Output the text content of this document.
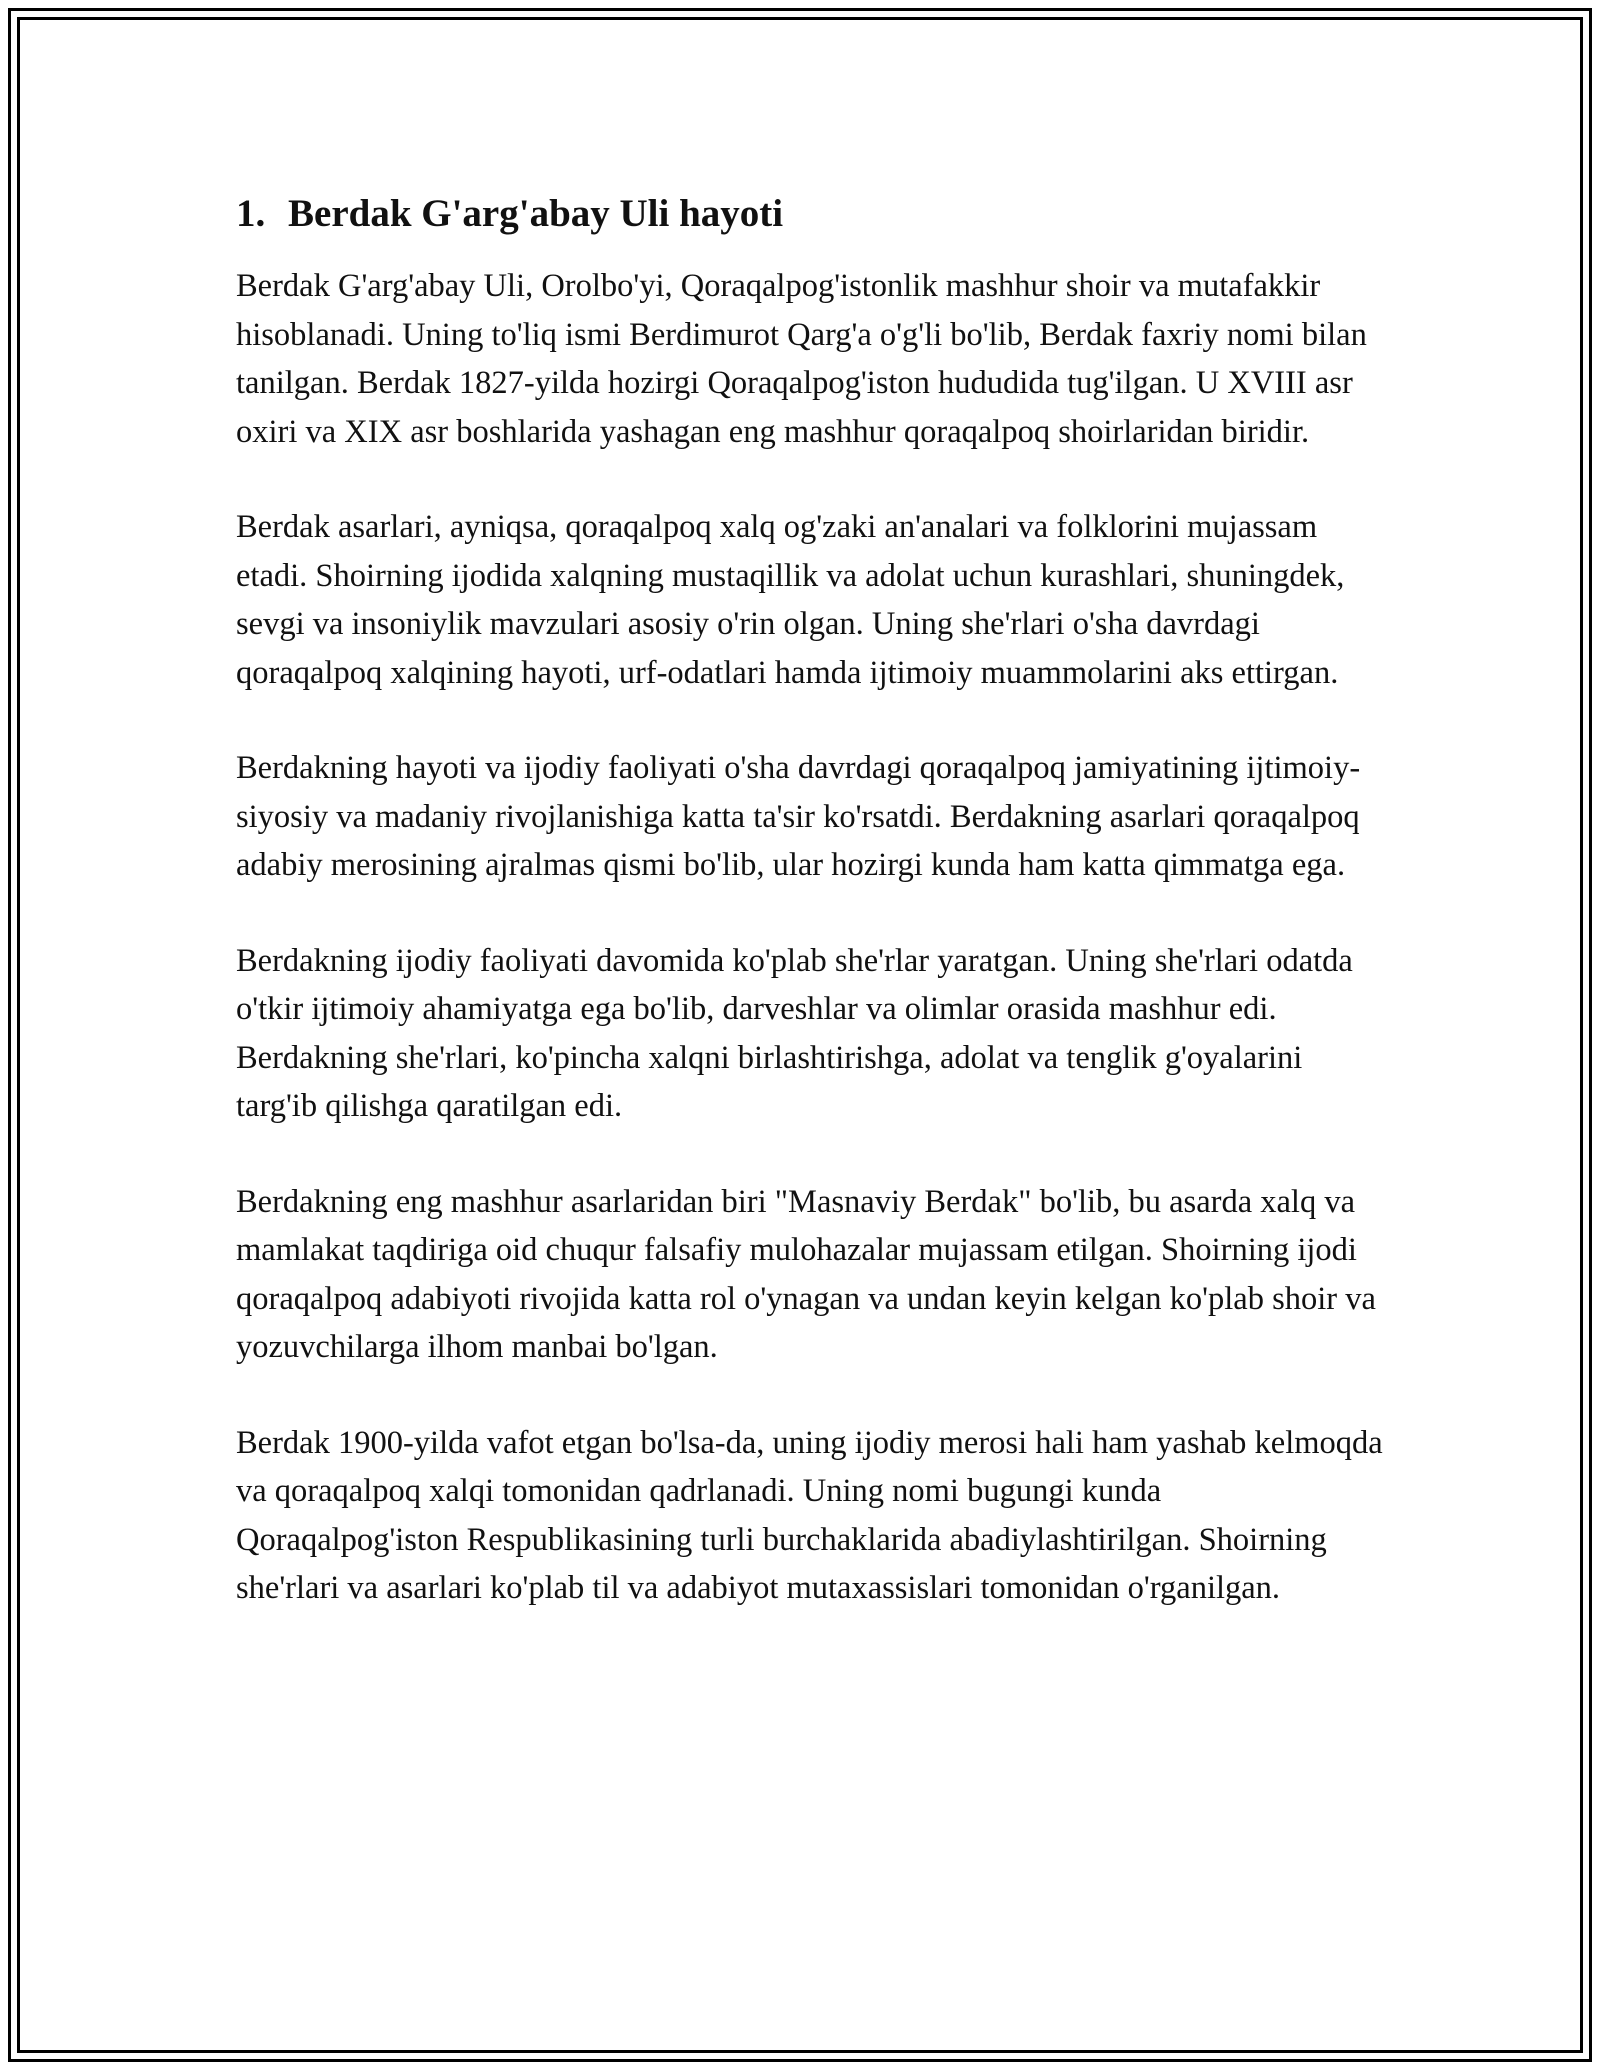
1. Berdak G'arg'abay Uli hayoti

Berdak G'arg'abay Uli, Orolbo'yi, Qoraqalpog'istonlik mashhur shoir va mutafakkir hisoblanadi. Uning to'liq ismi Berdimurot Qarg'a o'g'li bo'lib, Berdak faxriy nomi bilan tanilgan. Berdak 1827-yilda hozirgi Qoraqalpog'iston hududida tug'ilgan. U XVIII asr oxiri va XIX asr boshlarida yashagan eng mashhur qoraqalpoq shoirlaridan biridir.

Berdak asarlari, ayniqsa, qoraqalpoq xalq og'zaki an'analari va folklorini mujassam etadi. Shoirning ijodida xalqning mustaqillik va adolat uchun kurashlari, shuningdek, sevgi va insoniylik mavzulari asosiy o'rin olgan. Uning she'rlari o'sha davrdagi qoraqalpoq xalqining hayoti, urf-odatlari hamda ijtimoiy muammolarini aks ettirgan.

Berdakning hayoti va ijodiy faoliyati o'sha davrdagi qoraqalpoq jamiyatining ijtimoiy-siyosiy va madaniy rivojlanishiga katta ta'sir ko'rsatdi. Berdakning asarlari qoraqalpoq adabiy merosining ajralmas qismi bo'lib, ular hozirgi kunda ham katta qimmatga ega.

Berdakning ijodiy faoliyati davomida ko'plab she'rlar yaratgan. Uning she'rlari odatda o'tkir ijtimoiy ahamiyatga ega bo'lib, darveshlar va olimlar orasida mashhur edi. Berdakning she'rlari, ko'pincha xalqni birlashtirishga, adolat va tenglik g'oyalarini targ'ib qilishga qaratilgan edi.

Berdakning eng mashhur asarlaridan biri "Masnaviy Berdak" bo'lib, bu asarda xalq va mamlakat taqdiriga oid chuqur falsafiy mulohazalar mujassam etilgan. Shoirning ijodi qoraqalpoq adabiyoti rivojida katta rol o'ynagan va undan keyin kelgan ko'plab shoir va yozuvchilarga ilhom manbai bo'lgan.

Berdak 1900-yilda vafot etgan bo'lsa-da, uning ijodiy merosi hali ham yashab kelmoqda va qoraqalpoq xalqi tomonidan qadrlanadi. Uning nomi bugungi kunda Qoraqalpog'iston Respublikasining turli burchaklarida abadiylashtirilgan. Shoirning she'rlari va asarlari ko'plab til va adabiyot mutaxassislari tomonidan o'rganilgan.
